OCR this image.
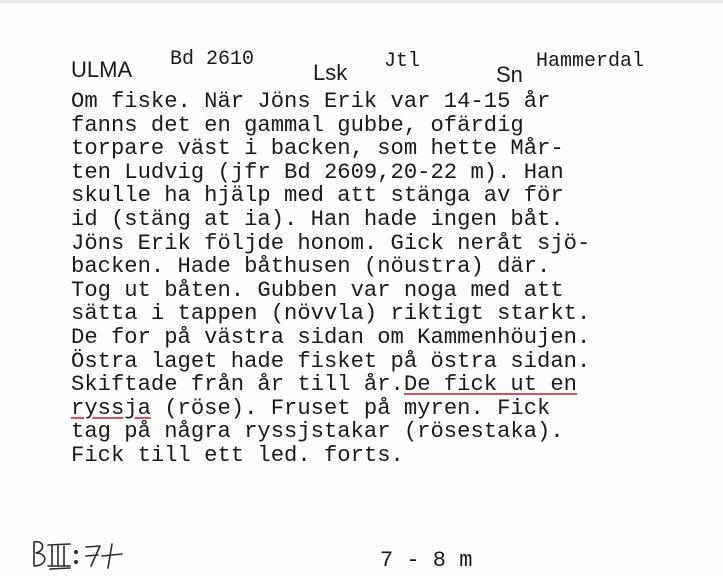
ULMA Bd 2610
Lsk Jtl
Sn
Hammerdal
Om fiske. När Jöns Erik var 14-15 år
fanns det en gammal gubbe, ofärdig
torpare väst i backen, som hette Mår-
ten Ludvig (jfr Bd 2609,20-22 m). Han
skulle ha hjälp med att stänga av för
id (stäng at ia). Han hade ingen båt.
Jöns Erik följde honom. Gick neråt sjö-
backen. Hade båthusen (nöustra) där.
Tog ut båten. Gubben var noga med att
sätta i tappen (növvla) riktigt starkt.
De for på västra sidan om Kammenhöujen.
Östra laget hade fisket på östra sidan.
Skiftade från år till år.De fick ut en
ryssja (röse). Fruset på myren. Fick
tag på några ryssjstakar (rösestaka).
Fick till ett led. forts.
7 - 8 m
